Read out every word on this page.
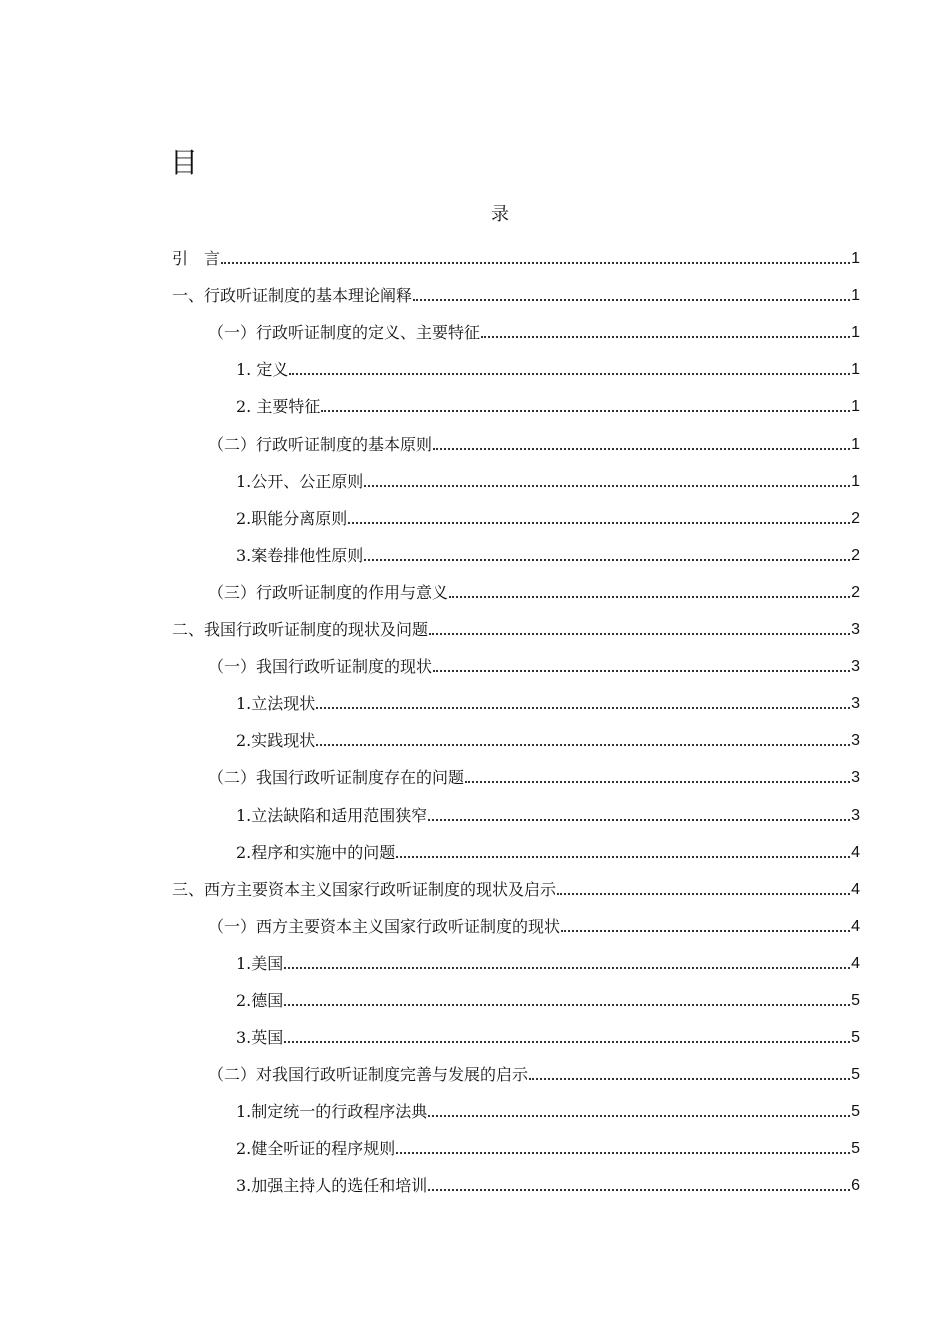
目
录
引　言	1
一、行政听证制度的基本理论阐释	1
（一）行政听证制度的定义、主要特征	1
1. 定义	1
2. 主要特征	1
（二）行政听证制度的基本原则	1
1.公开、公正原则	1
2.职能分离原则	2
3.案卷排他性原则	2
（三）行政听证制度的作用与意义	2
二、我国行政听证制度的现状及问题	3
（一）我国行政听证制度的现状	3
1.立法现状	3
2.实践现状	3
（二）我国行政听证制度存在的问题	3
1.立法缺陷和适用范围狭窄	3
2.程序和实施中的问题	4
三、西方主要资本主义国家行政听证制度的现状及启示	4
（一）西方主要资本主义国家行政听证制度的现状	4
1.美国	4
2.德国	5
3.英国	5
（二）对我国行政听证制度完善与发展的启示	5
1.制定统一的行政程序法典	5
2.健全听证的程序规则	5
3.加强主持人的选任和培训	6
